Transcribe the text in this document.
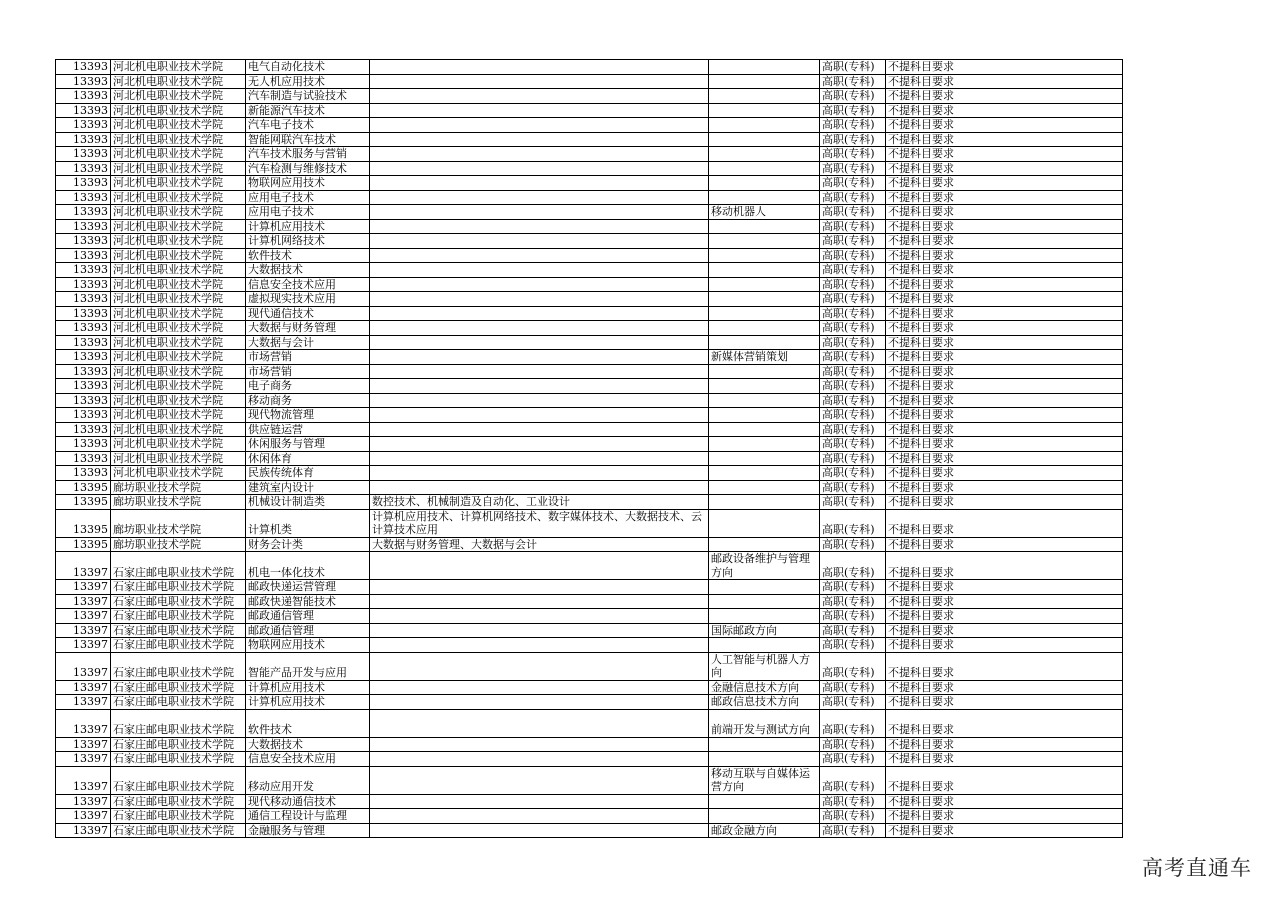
13393	河北机电职业技术学院	电气自动化技术			高职(专科)	不提科目要求
13393	河北机电职业技术学院	无人机应用技术			高职(专科)	不提科目要求
13393	河北机电职业技术学院	汽车制造与试验技术			高职(专科)	不提科目要求
13393	河北机电职业技术学院	新能源汽车技术			高职(专科)	不提科目要求
13393	河北机电职业技术学院	汽车电子技术			高职(专科)	不提科目要求
13393	河北机电职业技术学院	智能网联汽车技术			高职(专科)	不提科目要求
13393	河北机电职业技术学院	汽车技术服务与营销			高职(专科)	不提科目要求
13393	河北机电职业技术学院	汽车检测与维修技术			高职(专科)	不提科目要求
13393	河北机电职业技术学院	物联网应用技术			高职(专科)	不提科目要求
13393	河北机电职业技术学院	应用电子技术			高职(专科)	不提科目要求
13393	河北机电职业技术学院	应用电子技术		移动机器人	高职(专科)	不提科目要求
13393	河北机电职业技术学院	计算机应用技术			高职(专科)	不提科目要求
13393	河北机电职业技术学院	计算机网络技术			高职(专科)	不提科目要求
13393	河北机电职业技术学院	软件技术			高职(专科)	不提科目要求
13393	河北机电职业技术学院	大数据技术			高职(专科)	不提科目要求
13393	河北机电职业技术学院	信息安全技术应用			高职(专科)	不提科目要求
13393	河北机电职业技术学院	虚拟现实技术应用			高职(专科)	不提科目要求
13393	河北机电职业技术学院	现代通信技术			高职(专科)	不提科目要求
13393	河北机电职业技术学院	大数据与财务管理			高职(专科)	不提科目要求
13393	河北机电职业技术学院	大数据与会计			高职(专科)	不提科目要求
13393	河北机电职业技术学院	市场营销		新媒体营销策划	高职(专科)	不提科目要求
13393	河北机电职业技术学院	市场营销			高职(专科)	不提科目要求
13393	河北机电职业技术学院	电子商务			高职(专科)	不提科目要求
13393	河北机电职业技术学院	移动商务			高职(专科)	不提科目要求
13393	河北机电职业技术学院	现代物流管理			高职(专科)	不提科目要求
13393	河北机电职业技术学院	供应链运营			高职(专科)	不提科目要求
13393	河北机电职业技术学院	休闲服务与管理			高职(专科)	不提科目要求
13393	河北机电职业技术学院	休闲体育			高职(专科)	不提科目要求
13393	河北机电职业技术学院	民族传统体育			高职(专科)	不提科目要求
13395	廊坊职业技术学院	建筑室内设计			高职(专科)	不提科目要求
13395	廊坊职业技术学院	机械设计制造类	数控技术、机械制造及自动化、工业设计		高职(专科)	不提科目要求
13395	廊坊职业技术学院	计算机类	计算机应用技术、计算机网络技术、数字媒体技术、大数据技术、云计算技术应用		高职(专科)	不提科目要求
13395	廊坊职业技术学院	财务会计类	大数据与财务管理、大数据与会计		高职(专科)	不提科目要求
13397	石家庄邮电职业技术学院	机电一体化技术		邮政设备维护与管理方向	高职(专科)	不提科目要求
13397	石家庄邮电职业技术学院	邮政快递运营管理			高职(专科)	不提科目要求
13397	石家庄邮电职业技术学院	邮政快递智能技术			高职(专科)	不提科目要求
13397	石家庄邮电职业技术学院	邮政通信管理			高职(专科)	不提科目要求
13397	石家庄邮电职业技术学院	邮政通信管理		国际邮政方向	高职(专科)	不提科目要求
13397	石家庄邮电职业技术学院	物联网应用技术			高职(专科)	不提科目要求
13397	石家庄邮电职业技术学院	智能产品开发与应用		人工智能与机器人方向	高职(专科)	不提科目要求
13397	石家庄邮电职业技术学院	计算机应用技术		金融信息技术方向	高职(专科)	不提科目要求
13397	石家庄邮电职业技术学院	计算机应用技术		邮政信息技术方向	高职(专科)	不提科目要求
13397	石家庄邮电职业技术学院	软件技术		前端开发与测试方向	高职(专科)	不提科目要求
13397	石家庄邮电职业技术学院	大数据技术			高职(专科)	不提科目要求
13397	石家庄邮电职业技术学院	信息安全技术应用			高职(专科)	不提科目要求
13397	石家庄邮电职业技术学院	移动应用开发		移动互联与自媒体运营方向	高职(专科)	不提科目要求
13397	石家庄邮电职业技术学院	现代移动通信技术			高职(专科)	不提科目要求
13397	石家庄邮电职业技术学院	通信工程设计与监理			高职(专科)	不提科目要求
13397	石家庄邮电职业技术学院	金融服务与管理		邮政金融方向	高职(专科)	不提科目要求
高考直通车
